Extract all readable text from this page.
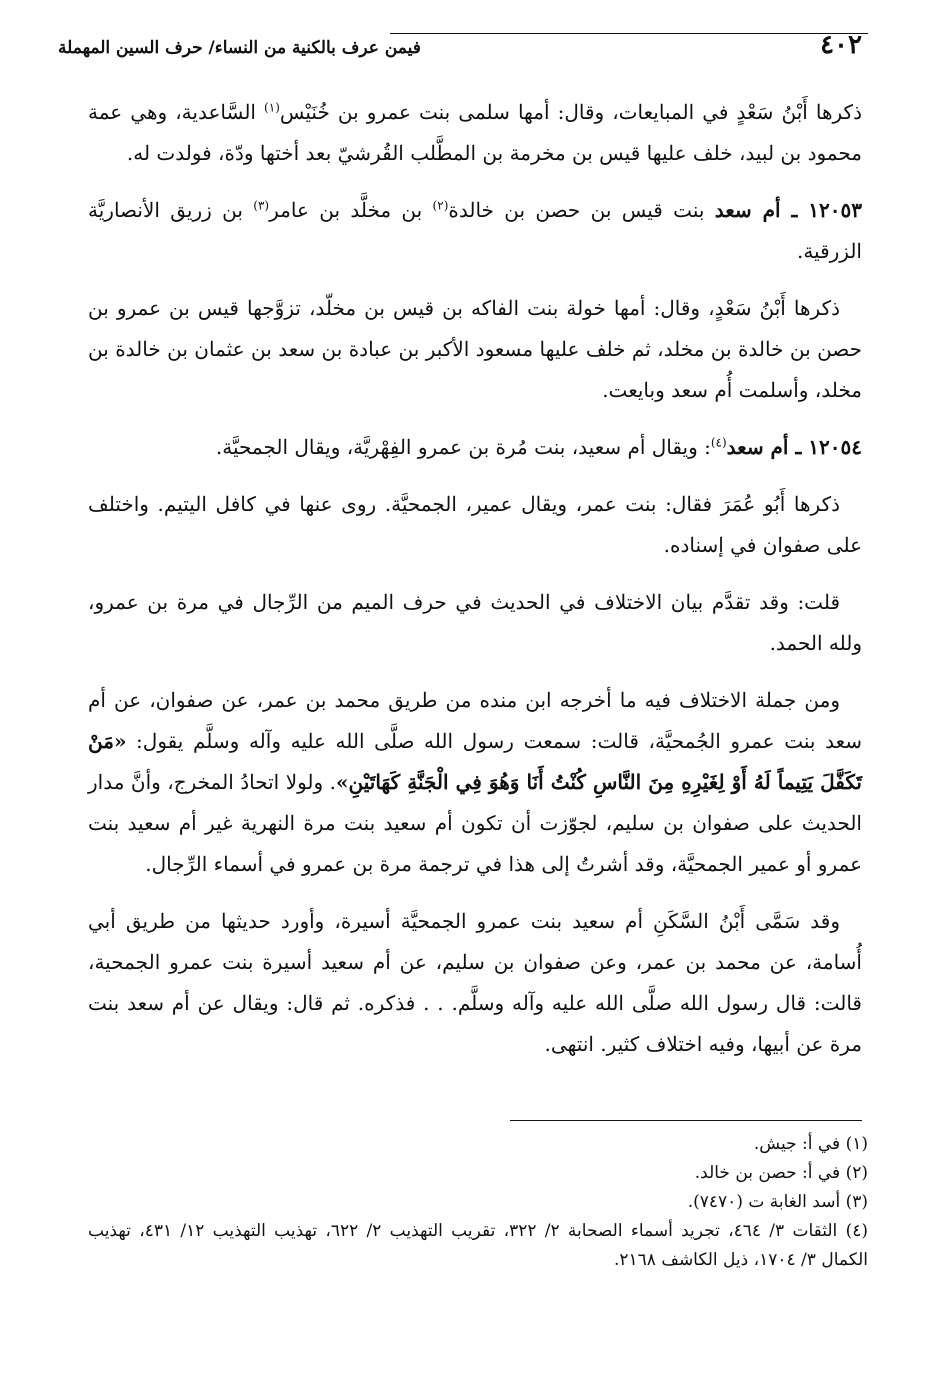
٤٠٢
فيمن عرف بالكنية من النساء/ حرف السين المهملة

ذكرها أَبْنُ سَعْدٍ في المبايعات، وقال: أمها سلمى بنت عمرو بن خُنَيْس$^{(١)}$ السَّاعدية، وهي عمة محمود بن لبيد، خلف عليها قيس بن مخرمة بن المطَّلب القُرشيّ بعد أختها ودّة، فولدت له.

١٢٠٥٣ ـ أم سعد بنت قيس بن حصن بن خالدة$^{(٢)}$ بن مخلَّد بن عامر$^{(٣)}$ بن زريق الأنصاريَّة الزرقية.

ذكرها أَبْنُ سَعْدٍ، وقال: أمها خولة بنت الفاكه بن قيس بن مخلّد، تزوَّجها قيس بن عمرو بن حصن بن خالدة بن مخلد، ثم خلف عليها مسعود الأكبر بن عبادة بن سعد بن عثمان بن خالدة بن مخلد، وأسلمت أُم سعد وبايعت.

١٢٠٥٤ ـ أم سعد$^{(٤)}$: ويقال أم سعيد، بنت مُرة بن عمرو الفِهْريَّة، ويقال الجمحيَّة.

ذكرها أَبُو عُمَرَ فقال: بنت عمر، ويقال عمير، الجمحيَّة. روى عنها في كافل اليتيم. واختلف على صفوان في إسناده.

قلت: وقد تقدَّم بيان الاختلاف في الحديث في حرف الميم من الرِّجال في مرة بن عمرو، ولله الحمد.

ومن جملة الاختلاف فيه ما أخرجه ابن منده من طريق محمد بن عمر، عن صفوان، عن أم سعد بنت عمرو الجُمحيَّة، قالت: سمعت رسول الله صلَّى الله عليه وآله وسلَّم يقول: «مَنْ تَكَفَّلَ يَتِيماً لَهُ أَوْ لِغَيْرِهِ مِنَ النَّاسِ كُنْتُ أَنَا وَهُوَ فِي الْجَنَّةِ كَهَاتَيْنِ». ولولا اتحادُ المخرج، وأنَّ مدار الحديث على صفوان بن سليم، لجوّزت أن تكون أم سعيد بنت مرة النهرية غير أم سعيد بنت عمرو أو عمير الجمحيَّة، وقد أشرتُ إلى هذا في ترجمة مرة بن عمرو في أسماء الرِّجال.

وقد سَمَّى أَبْنُ السَّكَنِ أم سعيد بنت عمرو الجمحيَّة أسيرة، وأورد حديثها من طريق أبي أُسامة، عن محمد بن عمر، وعن صفوان بن سليم، عن أم سعيد أسيرة بنت عمرو الجمحية، قالت: قال رسول الله صلَّى الله عليه وآله وسلَّم. . . فذكره. ثم قال: ويقال عن أم سعد بنت مرة عن أبيها، وفيه اختلاف كثير. انتهى.

(١) في أ: جيش.

(٢) في أ: حصن بن خالد.

(٣) أسد الغابة ت (٧٤٧٠).

(٤) الثقات ٣/ ٤٦٤، تجريد أسماء الصحابة ٢/ ٣٢٢، تقريب التهذيب ٢/ ٦٢٢، تهذيب التهذيب ١٢/ ٤٣١، تهذيب الكمال ٣/ ١٧٠٤، ذيل الكاشف ٢١٦٨.
